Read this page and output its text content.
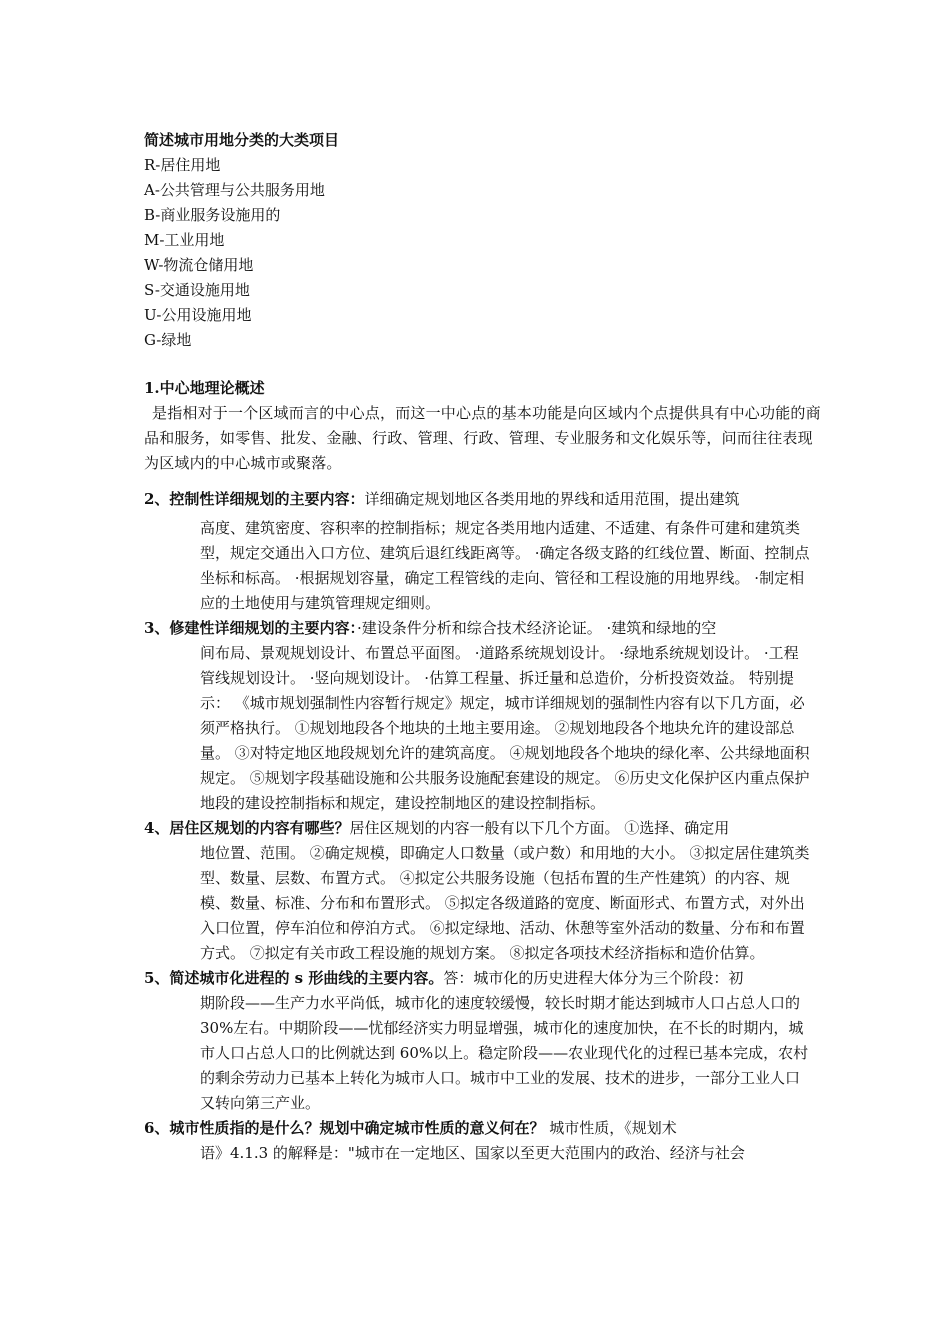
简述城市用地分类的大类项目
R-居住用地
A-公共管理与公共服务用地
B-商业服务设施用的
M-工业用地
W-物流仓储用地
S-交通设施用地
U-公用设施用地
G-绿地
1.中心地理论概述
是指相对于一个区域而言的中心点，而这一中心点的基本功能是向区域内个点提供具有中心功能的商品和服务，如零售、批发、金融、行政、管理、行政、管理、专业服务和文化娱乐等，问而往往表现为区域内的中心城市或聚落。
2、控制性详细规划的主要内容：详细确定规划地区各类用地的界线和适用范围，提出建筑
高度、建筑密度、容积率的控制指标；规定各类用地内适建、不适建、有条件可建和建筑类型，规定交通出入口方位、建筑后退红线距离等。 ·确定各级支路的红线位置、断面、控制点坐标和标高。 ·根据规划容量，确定工程管线的走向、管径和工程设施的用地界线。 ·制定相应的土地使用与建筑管理规定细则。
3、修建性详细规划的主要内容：·建设条件分析和综合技术经济论证。 ·建筑和绿地的空
间布局、景观规划设计、布置总平面图。 ·道路系统规划设计。 ·绿地系统规划设计。 ·工程管线规划设计。 ·竖向规划设计。 ·估算工程量、拆迁量和总造价，分析投资效益。 特别提示： 《城市规划强制性内容暂行规定》规定，城市详细规划的强制性内容有以下几方面，必须严格执行。 ①规划地段各个地块的土地主要用途。 ②规划地段各个地块允许的建设部总量。 ③对特定地区地段规划允许的建筑高度。 ④规划地段各个地块的绿化率、公共绿地面积规定。 ⑤规划字段基础设施和公共服务设施配套建设的规定。 ⑥历史文化保护区内重点保护地段的建设控制指标和规定，建设控制地区的建设控制指标。
4、居住区规划的内容有哪些？居住区规划的内容一般有以下几个方面。 ①选择、确定用
地位置、范围。 ②确定规模，即确定人口数量（或户数）和用地的大小。 ③拟定居住建筑类型、数量、层数、布置方式。 ④拟定公共服务设施（包括布置的生产性建筑）的内容、规模、数量、标准、分布和布置形式。 ⑤拟定各级道路的宽度、断面形式、布置方式，对外出入口位置，停车泊位和停泊方式。 ⑥拟定绿地、活动、休憩等室外活动的数量、分布和布置方式。 ⑦拟定有关市政工程设施的规划方案。 ⑧拟定各项技术经济指标和造价估算。
5、简述城市化进程的 s 形曲线的主要内容。答：城市化的历史进程大体分为三个阶段：初
期阶段——生产力水平尚低，城市化的速度较缓慢，较长时期才能达到城市人口占总人口的 30%左右。中期阶段——忧郁经济实力明显增强，城市化的速度加快，在不长的时期内，城市人口占总人口的比例就达到 60%以上。稳定阶段——农业现代化的过程已基本完成，农村的剩余劳动力已基本上转化为城市人口。城市中工业的发展、技术的进步，一部分工业人口又转向第三产业。
6、城市性质指的是什么？规划中确定城市性质的意义何在？ 城市性质，《规划术
语》4.1.3 的解释是："城市在一定地区、国家以至更大范围内的政治、经济与社会
